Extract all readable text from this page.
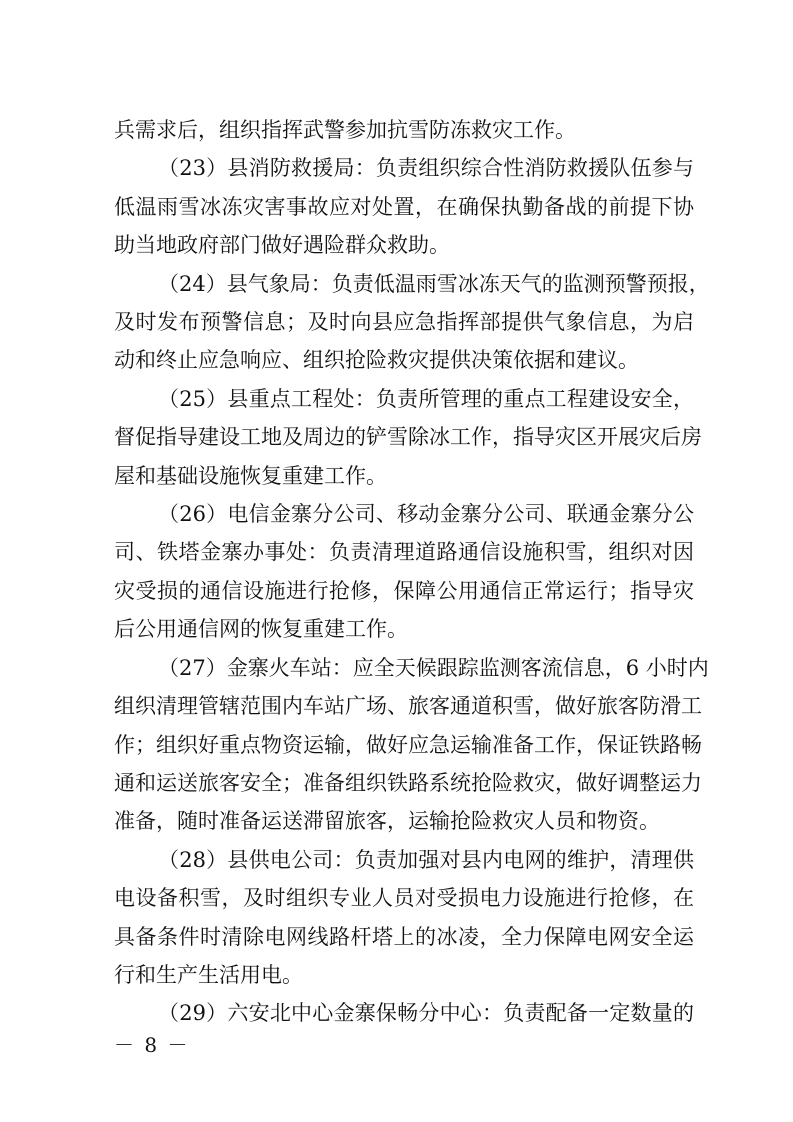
兵需求后，组织指挥武警参加抗雪防冻救灾工作。
（23）县消防救援局：负责组织综合性消防救援队伍参与
低温雨雪冰冻灾害事故应对处置，在确保执勤备战的前提下协
助当地政府部门做好遇险群众救助。
（24）县气象局：负责低温雨雪冰冻天气的监测预警预报，
及时发布预警信息；及时向县应急指挥部提供气象信息，为启
动和终止应急响应、组织抢险救灾提供决策依据和建议。
（25）县重点工程处：负责所管理的重点工程建设安全，
督促指导建设工地及周边的铲雪除冰工作，指导灾区开展灾后房
屋和基础设施恢复重建工作。
（26）电信金寨分公司、移动金寨分公司、联通金寨分公
司、铁塔金寨办事处：负责清理道路通信设施积雪，组织对因
灾受损的通信设施进行抢修，保障公用通信正常运行；指导灾
后公用通信网的恢复重建工作。
（27）金寨火车站：应全天候跟踪监测客流信息，6 小时内
组织清理管辖范围内车站广场、旅客通道积雪，做好旅客防滑工
作；组织好重点物资运输，做好应急运输准备工作，保证铁路畅
通和运送旅客安全；准备组织铁路系统抢险救灾，做好调整运力
准备，随时准备运送滞留旅客，运输抢险救灾人员和物资。
（28）县供电公司：负责加强对县内电网的维护，清理供
电设备积雪，及时组织专业人员对受损电力设施进行抢修，在
具备条件时清除电网线路杆塔上的冰凌，全力保障电网安全运
行和生产生活用电。
（29）六安北中心金寨保畅分中心：负责配备一定数量的
－ 8 －
